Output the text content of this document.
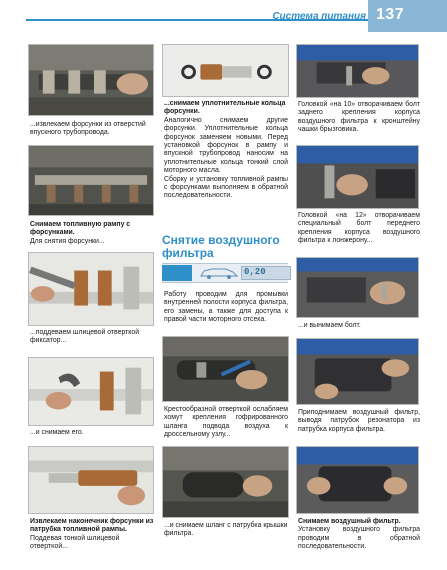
Система питания 137
...извлекаем форсунки из отверстий впускного трубопровода.
Снимаем топливную рампу с форсунками.
Для снятия форсунки...
...поддеваем шлицевой отверткой фиксатор...
...и снимаем его.
Извлекаем наконечник форсунки из патрубка топливной рампы.
Поддевая тонкой шлицевой отвертκой...
...снимаем уплотнительные кольца форсунки.
Аналогично снимаем другие форсунки. Уплотнительные кольца форсунок заменяем новыми. Перед установкой форсунок в рампу и впускной трубопровод наносим на уплотнительные кольца тонкий слой моторного масла.
Сборку и установку топливной рампы с форсунками выполняем в обратной последовательности.
Снятие воздушного фильтра
0,20
Работу проводим для промывки внутренней полости корпуса фильтра, его замены, а также для доступа к правой части моторного отсека.
Крестообразной отверткой ослабляем хомут крепления гофрированного шланга подвода воздуха к дроссельному узлу...
...и снимаем шланг с патрубка крышки фильтра.
Головкой «на 10» отворачиваем болт заднего крепления корпуса воздушного фильтра к кронштейну чашки брызговика.
Головкой «на 12» отворачиваем специальный болт переднего крепления корпуса воздушного фильтра к лонжерону...
...и вынимаем болт.
Приподнимаем воздушный фильтр, выводя патрубок резонатора из патрубка корпуса фильтра.
Снимаем воздушный фильтр.
Установку воздушного фильтра проводим в обратной последовательности.
